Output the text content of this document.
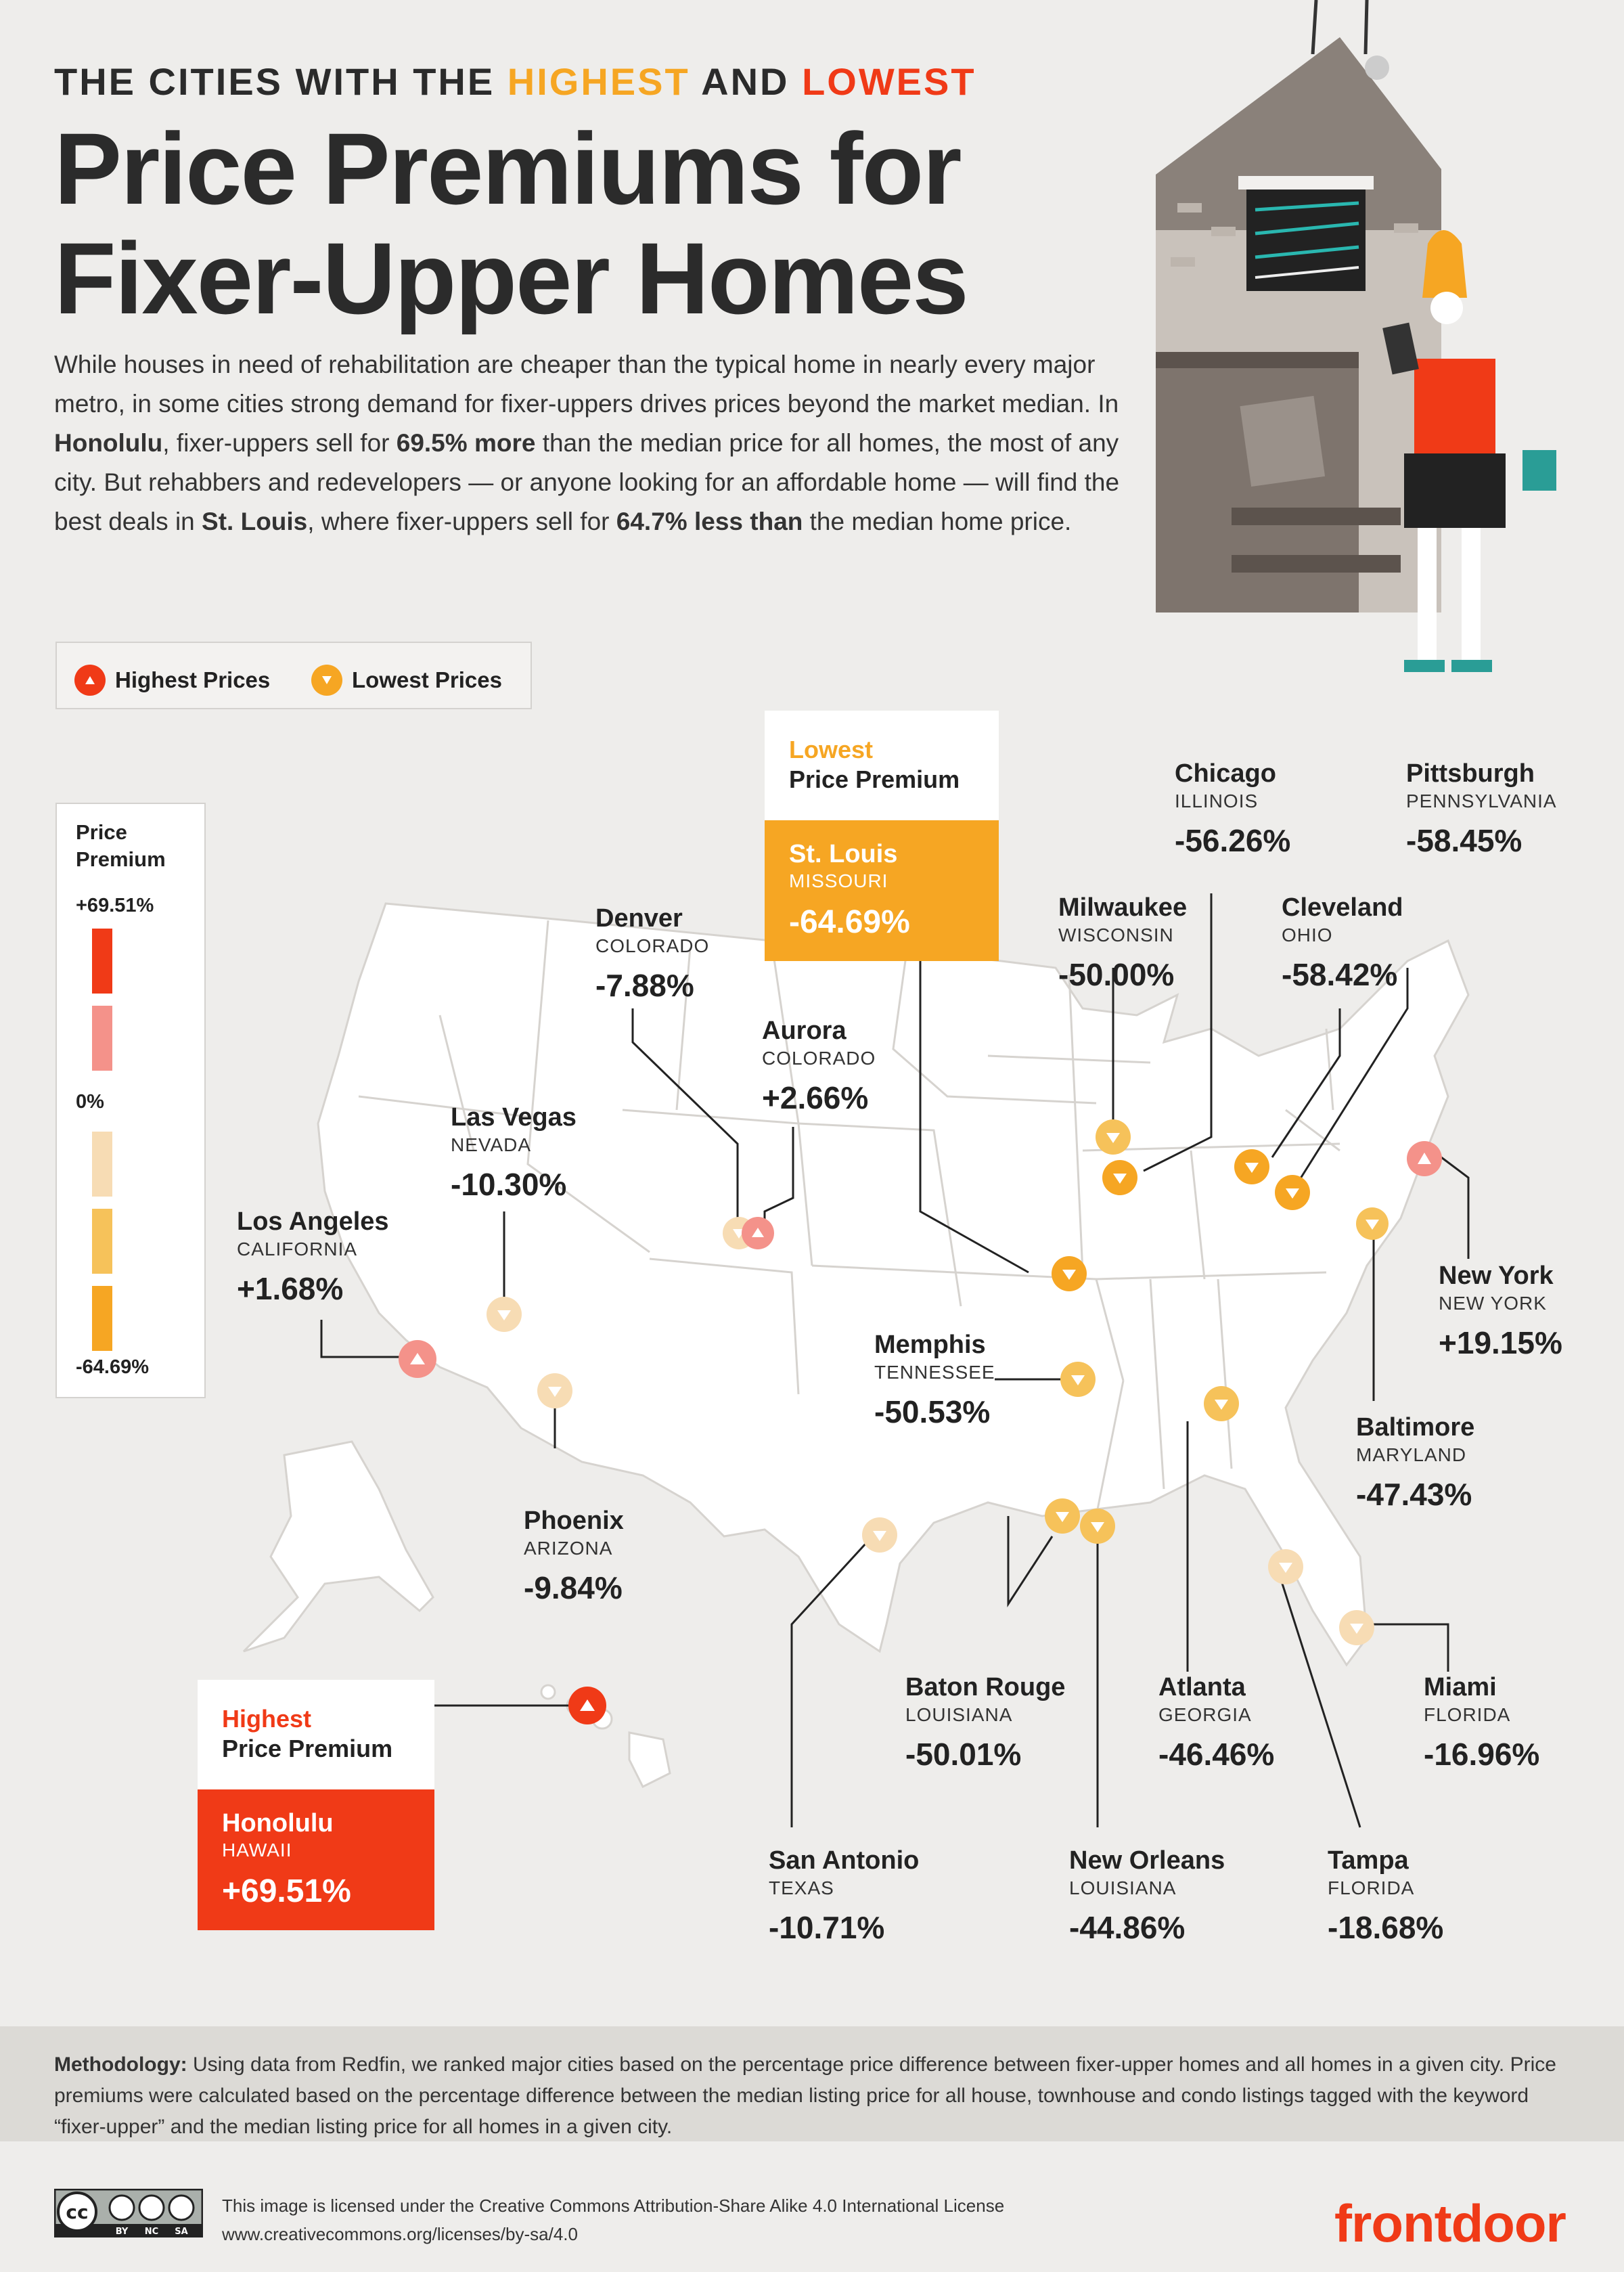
THE CITIES WITH THE HIGHEST AND LOWEST
Price Premiums for
Fixer-Upper Homes
While houses in need of rehabilitation are cheaper than the typical home in nearly every major metro, in some cities strong demand for fixer-uppers drives prices beyond the market median. In Honolulu, fixer-uppers sell for 69.5% more than the median price for all homes, the most of any city. But rehabbers and redevelopers — or anyone looking for an affordable home — will find the best deals in St. Louis, where fixer-uppers sell for 64.7% less than the median home price.
Highest Prices	Lowest Prices
Price
Premium
+69.51%
0%
-64.69%
Lowest
Price Premium
St. Louis
MISSOURI
-64.69%
Highest
Price Premium
Honolulu
HAWAII
+69.51%
Denver
COLORADO
-7.88%
Aurora
COLORADO
+2.66%
Las Vegas
NEVADA
-10.30%
Los Angeles
CALIFORNIA
+1.68%
Phoenix
ARIZONA
-9.84%
Chicago
ILLINOIS
-56.26%
Pittsburgh
PENNSYLVANIA
-58.45%
Milwaukee
WISCONSIN
-50.00%
Cleveland
OHIO
-58.42%
New York
NEW YORK
+19.15%
Memphis
TENNESSEE
-50.53%	Baltimore
MARYLAND
-47.43%
Baton Rouge
LOUISIANA
-50.01%
Atlanta
GEORGIA
-46.46%
Miami
FLORIDA
-16.96%
San Antonio
TEXAS
-10.71%
New Orleans
LOUISIANA
-44.86%
Tampa
FLORIDA
-18.68%

Methodology: Using data from Redfin, we ranked major cities based on the percentage price difference between fixer-upper homes and all homes in a given city. Price premiums were calculated based on the percentage difference between the median listing price for all house, townhouse and condo listings tagged with the keyword “fixer-upper” and the median listing price for all homes in a given city.

cc
BY NC SA
This image is licensed under the Creative Commons Attribution-Share Alike 4.0 International License
www.creativecommons.org/licenses/by-sa/4.0	frontdoor
